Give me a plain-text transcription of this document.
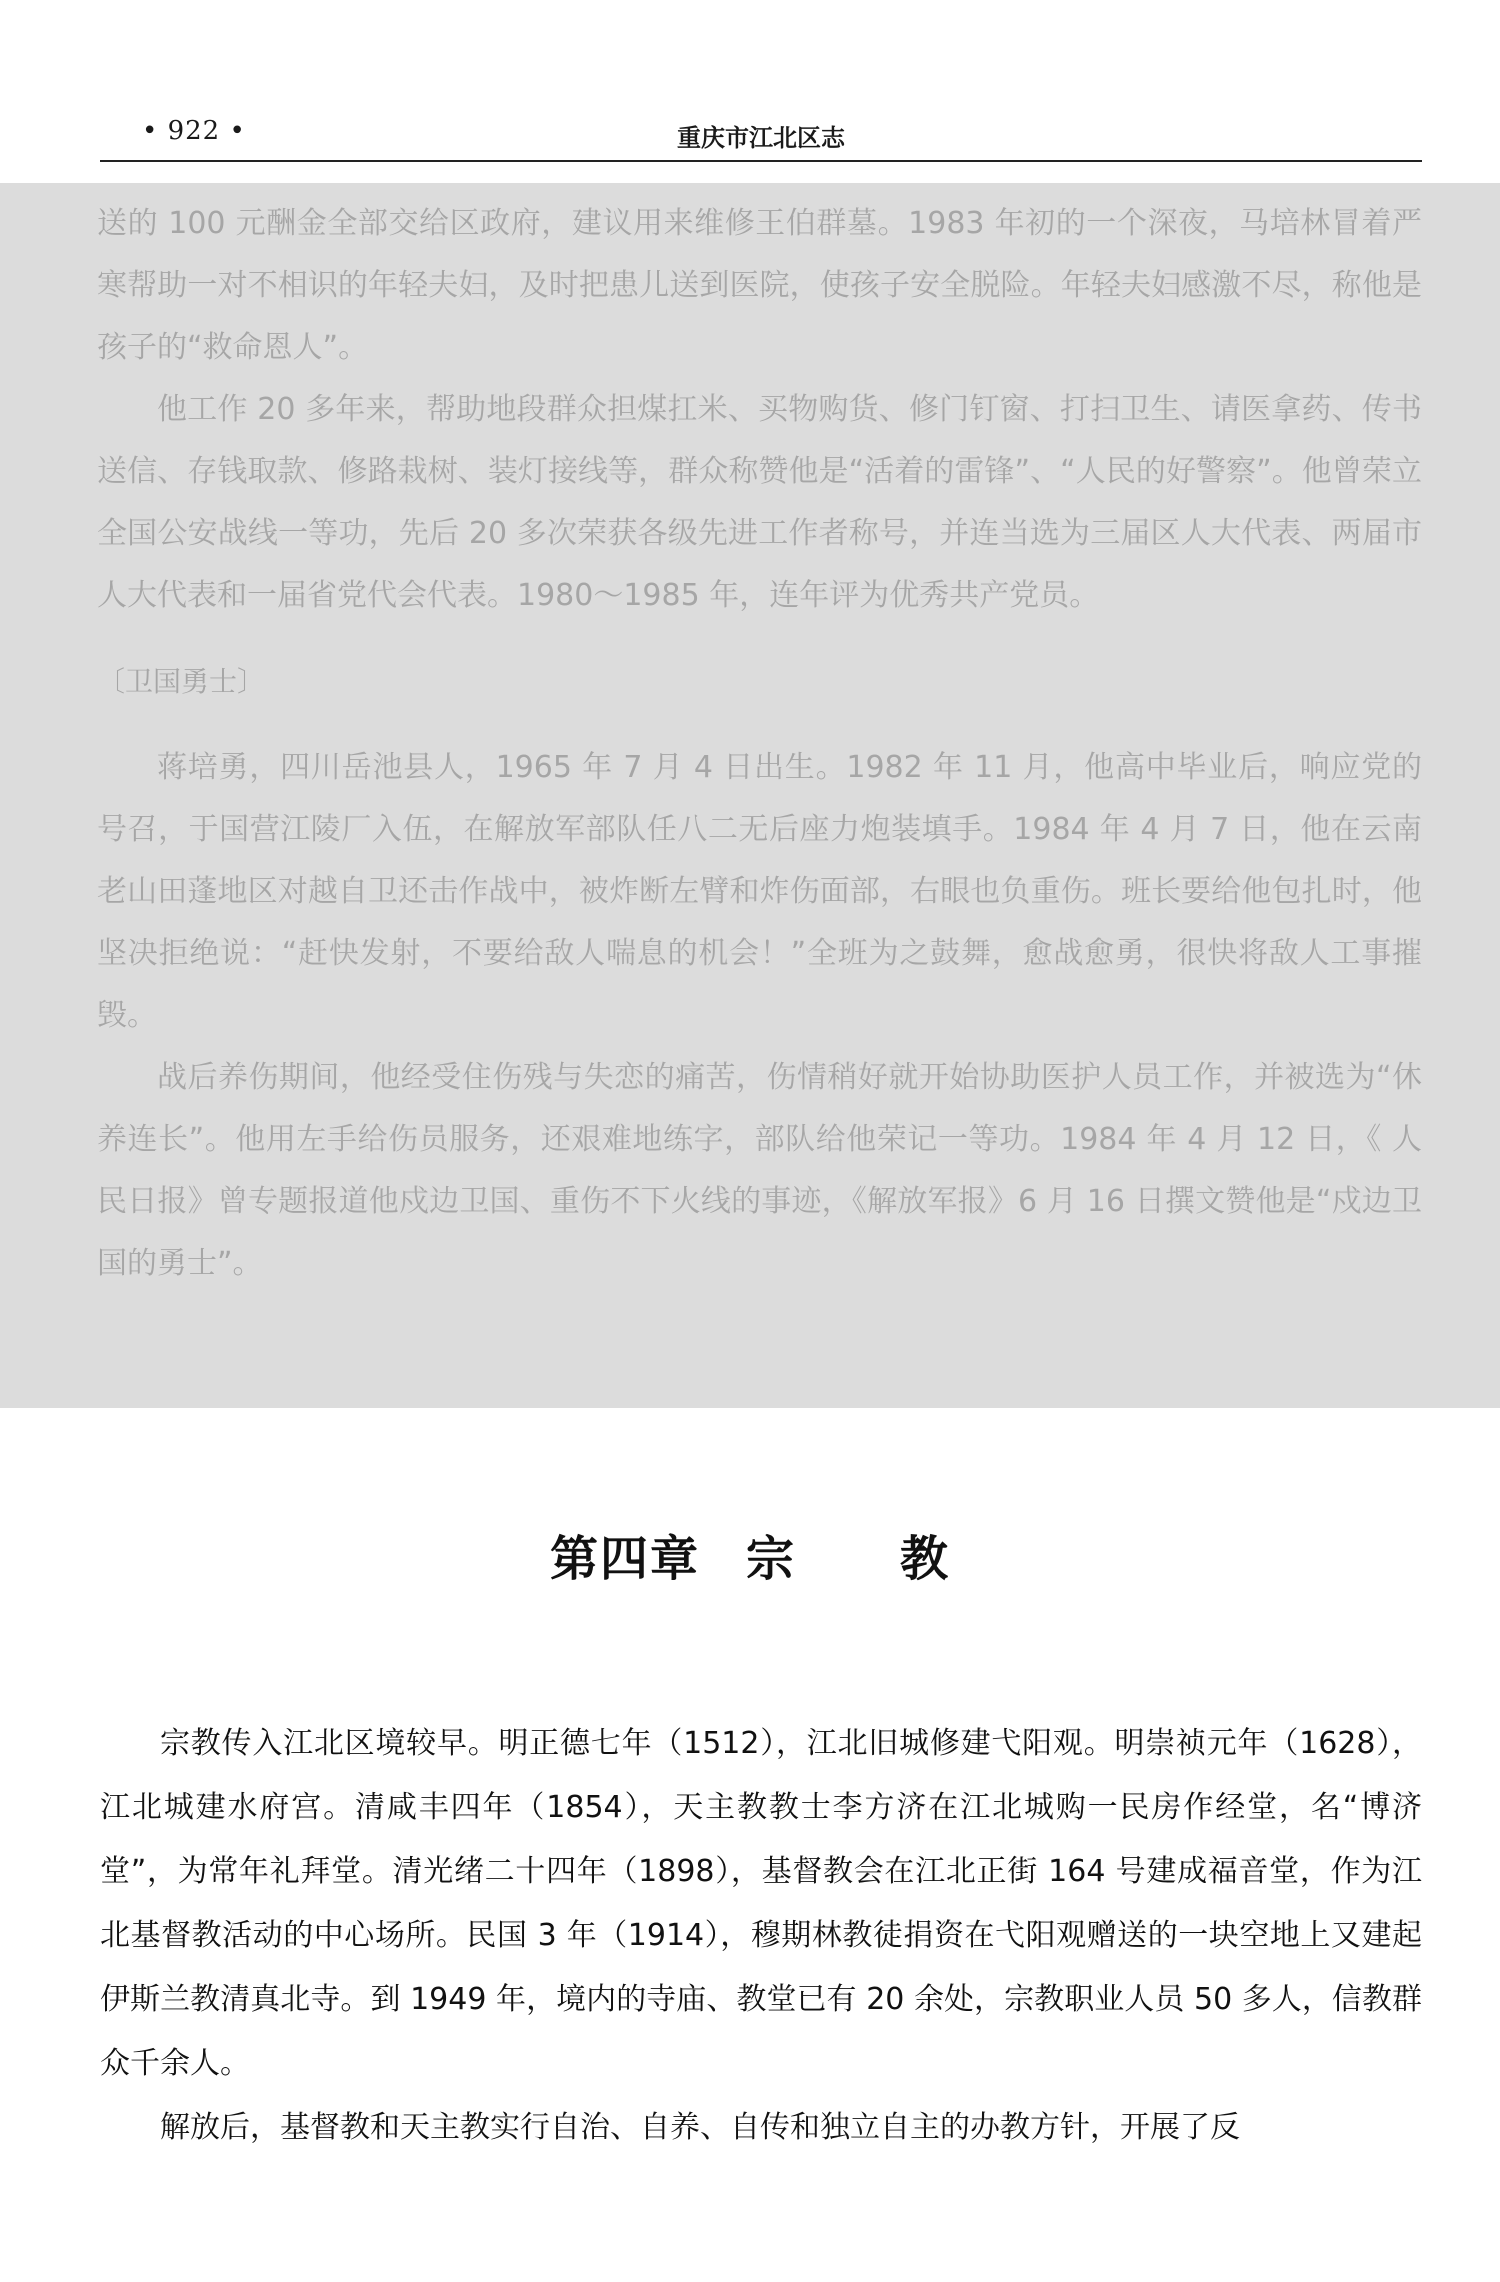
• 922 •	重庆市江北区志

送的 100 元酬金全部交给区政府，建议用来维修王伯群墓。1983 年初的一个深夜，马培林冒着严寒帮助一对不相识的年轻夫妇，及时把患儿送到医院，使孩子安全脱险。年轻夫妇感激不尽，称他是孩子的“救命恩人”。

他工作 20 多年来，帮助地段群众担煤扛米、买物购货、修门钉窗、打扫卫生、请医拿药、传书送信、存钱取款、修路栽树、装灯接线等，群众称赞他是“活着的雷锋”、“人民的好警察”。他曾荣立全国公安战线一等功，先后 20 多次荣获各级先进工作者称号，并连当选为三届区人大代表、两届市人大代表和一届省党代会代表。1980～1985 年，连年评为优秀共产党员。

〔卫国勇士〕

蒋培勇，四川岳池县人，1965 年 7 月 4 日出生。1982 年 11 月，他高中毕业后，响应党的号召，于国营江陵厂入伍，在解放军部队任八二无后座力炮装填手。1984 年 4 月 7 日，他在云南老山田蓬地区对越自卫还击作战中，被炸断左臂和炸伤面部，右眼也负重伤。班长要给他包扎时，他坚决拒绝说：“赶快发射，不要给敌人喘息的机会！”全班为之鼓舞，愈战愈勇，很快将敌人工事摧毁。

战后养伤期间，他经受住伤残与失恋的痛苦，伤情稍好就开始协助医护人员工作，并被选为“休养连长”。他用左手给伤员服务，还艰难地练字，部队给他荣记一等功。1984 年 4 月 12 日，《 人民日报》曾专题报道他戍边卫国、重伤不下火线的事迹，《解放军报》6 月 16 日撰文赞他是“戍边卫国的勇士”。

第四章 宗 教

宗教传入江北区境较早。明正德七年（1512），江北旧城修建弋阳观。明崇祯元年（1628），江北城建水府宫。清咸丰四年（1854），天主教教士李方济在江北城购一民房作经堂，名“博济堂”，为常年礼拜堂。清光绪二十四年（1898），基督教会在江北正街 164 号建成福音堂，作为江北基督教活动的中心场所。民国 3 年（1914），穆期林教徒捐资在弋阳观赠送的一块空地上又建起伊斯兰教清真北寺。到 1949 年，境内的寺庙、教堂已有 20 余处，宗教职业人员 50 多人，信教群众千余人。

解放后，基督教和天主教实行自治、自养、自传和独立自主的办教方针，开展了反
